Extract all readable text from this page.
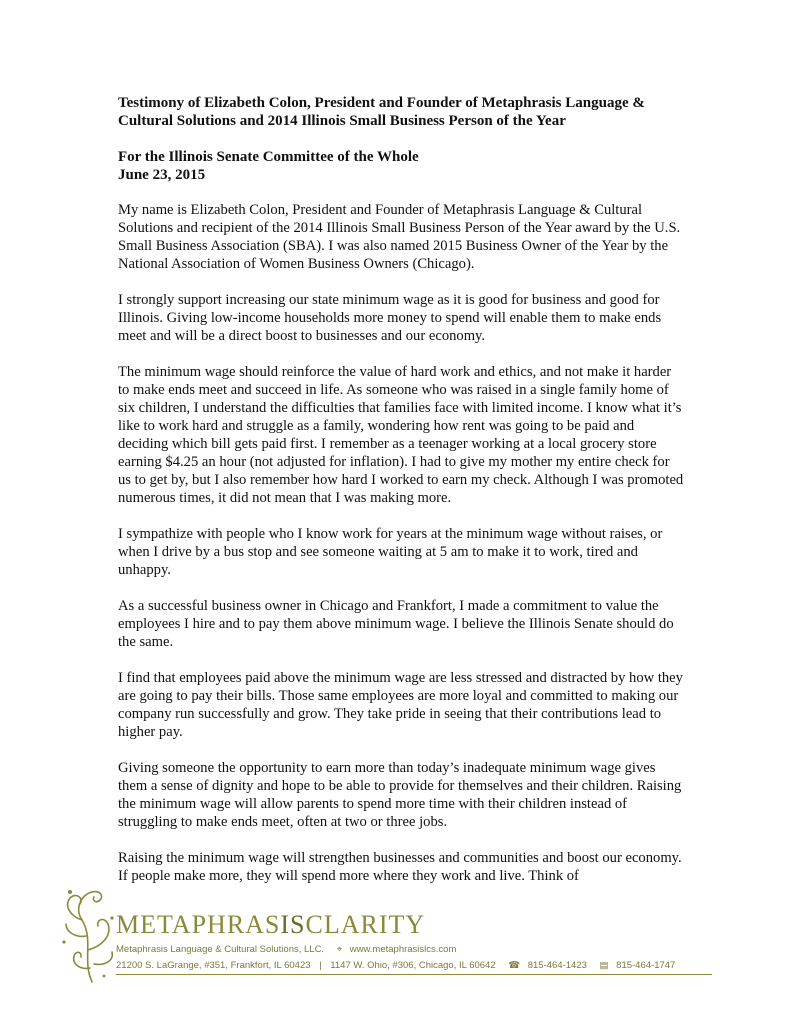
Testimony of Elizabeth Colon, President and Founder of Metaphrasis Language & Cultural Solutions and 2014 Illinois Small Business Person of the Year
For the Illinois Senate Committee of the Whole
June 23, 2015

My name is Elizabeth Colon, President and Founder of Metaphrasis Language & Cultural Solutions and recipient of the 2014 Illinois Small Business Person of the Year award by the U.S. Small Business Association (SBA). I was also named 2015 Business Owner of the Year by the National Association of Women Business Owners (Chicago).

I strongly support increasing our state minimum wage as it is good for business and good for Illinois. Giving low-income households more money to spend will enable them to make ends meet and will be a direct boost to businesses and our economy.

The minimum wage should reinforce the value of hard work and ethics, and not make it harder to make ends meet and succeed in life. As someone who was raised in a single family home of six children, I understand the difficulties that families face with limited income. I know what it’s like to work hard and struggle as a family, wondering how rent was going to be paid and deciding which bill gets paid first. I remember as a teenager working at a local grocery store earning $4.25 an hour (not adjusted for inflation). I had to give my mother my entire check for us to get by, but I also remember how hard I worked to earn my check. Although I was promoted numerous times, it did not mean that I was making more.

I sympathize with people who I know work for years at the minimum wage without raises, or when I drive by a bus stop and see someone waiting at 5 am to make it to work, tired and unhappy.

As a successful business owner in Chicago and Frankfort, I made a commitment to value the employees I hire and to pay them above minimum wage. I believe the Illinois Senate should do the same.

I find that employees paid above the minimum wage are less stressed and distracted by how they are going to pay their bills. Those same employees are more loyal and committed to making our company run successfully and grow. They take pride in seeing that their contributions lead to higher pay.

Giving someone the opportunity to earn more than today’s inadequate minimum wage gives them a sense of dignity and hope to be able to provide for themselves and their children. Raising the minimum wage will allow parents to spend more time with their children instead of struggling to make ends meet, often at two or three jobs.

Raising the minimum wage will strengthen businesses and communities and boost our economy. If people make more, they will spend more where they work and live. Think of

METAPHRASISCLARITY
Metaphrasis Language & Cultural Solutions, LLC. ⌖ www.metaphrasislcs.com
21200 S. LaGrange, #351, Frankfort, IL 60423 | 1147 W. Ohio, #306, Chicago, IL 60642 ☎ 815-464-1423 ▤ 815-464-1747
